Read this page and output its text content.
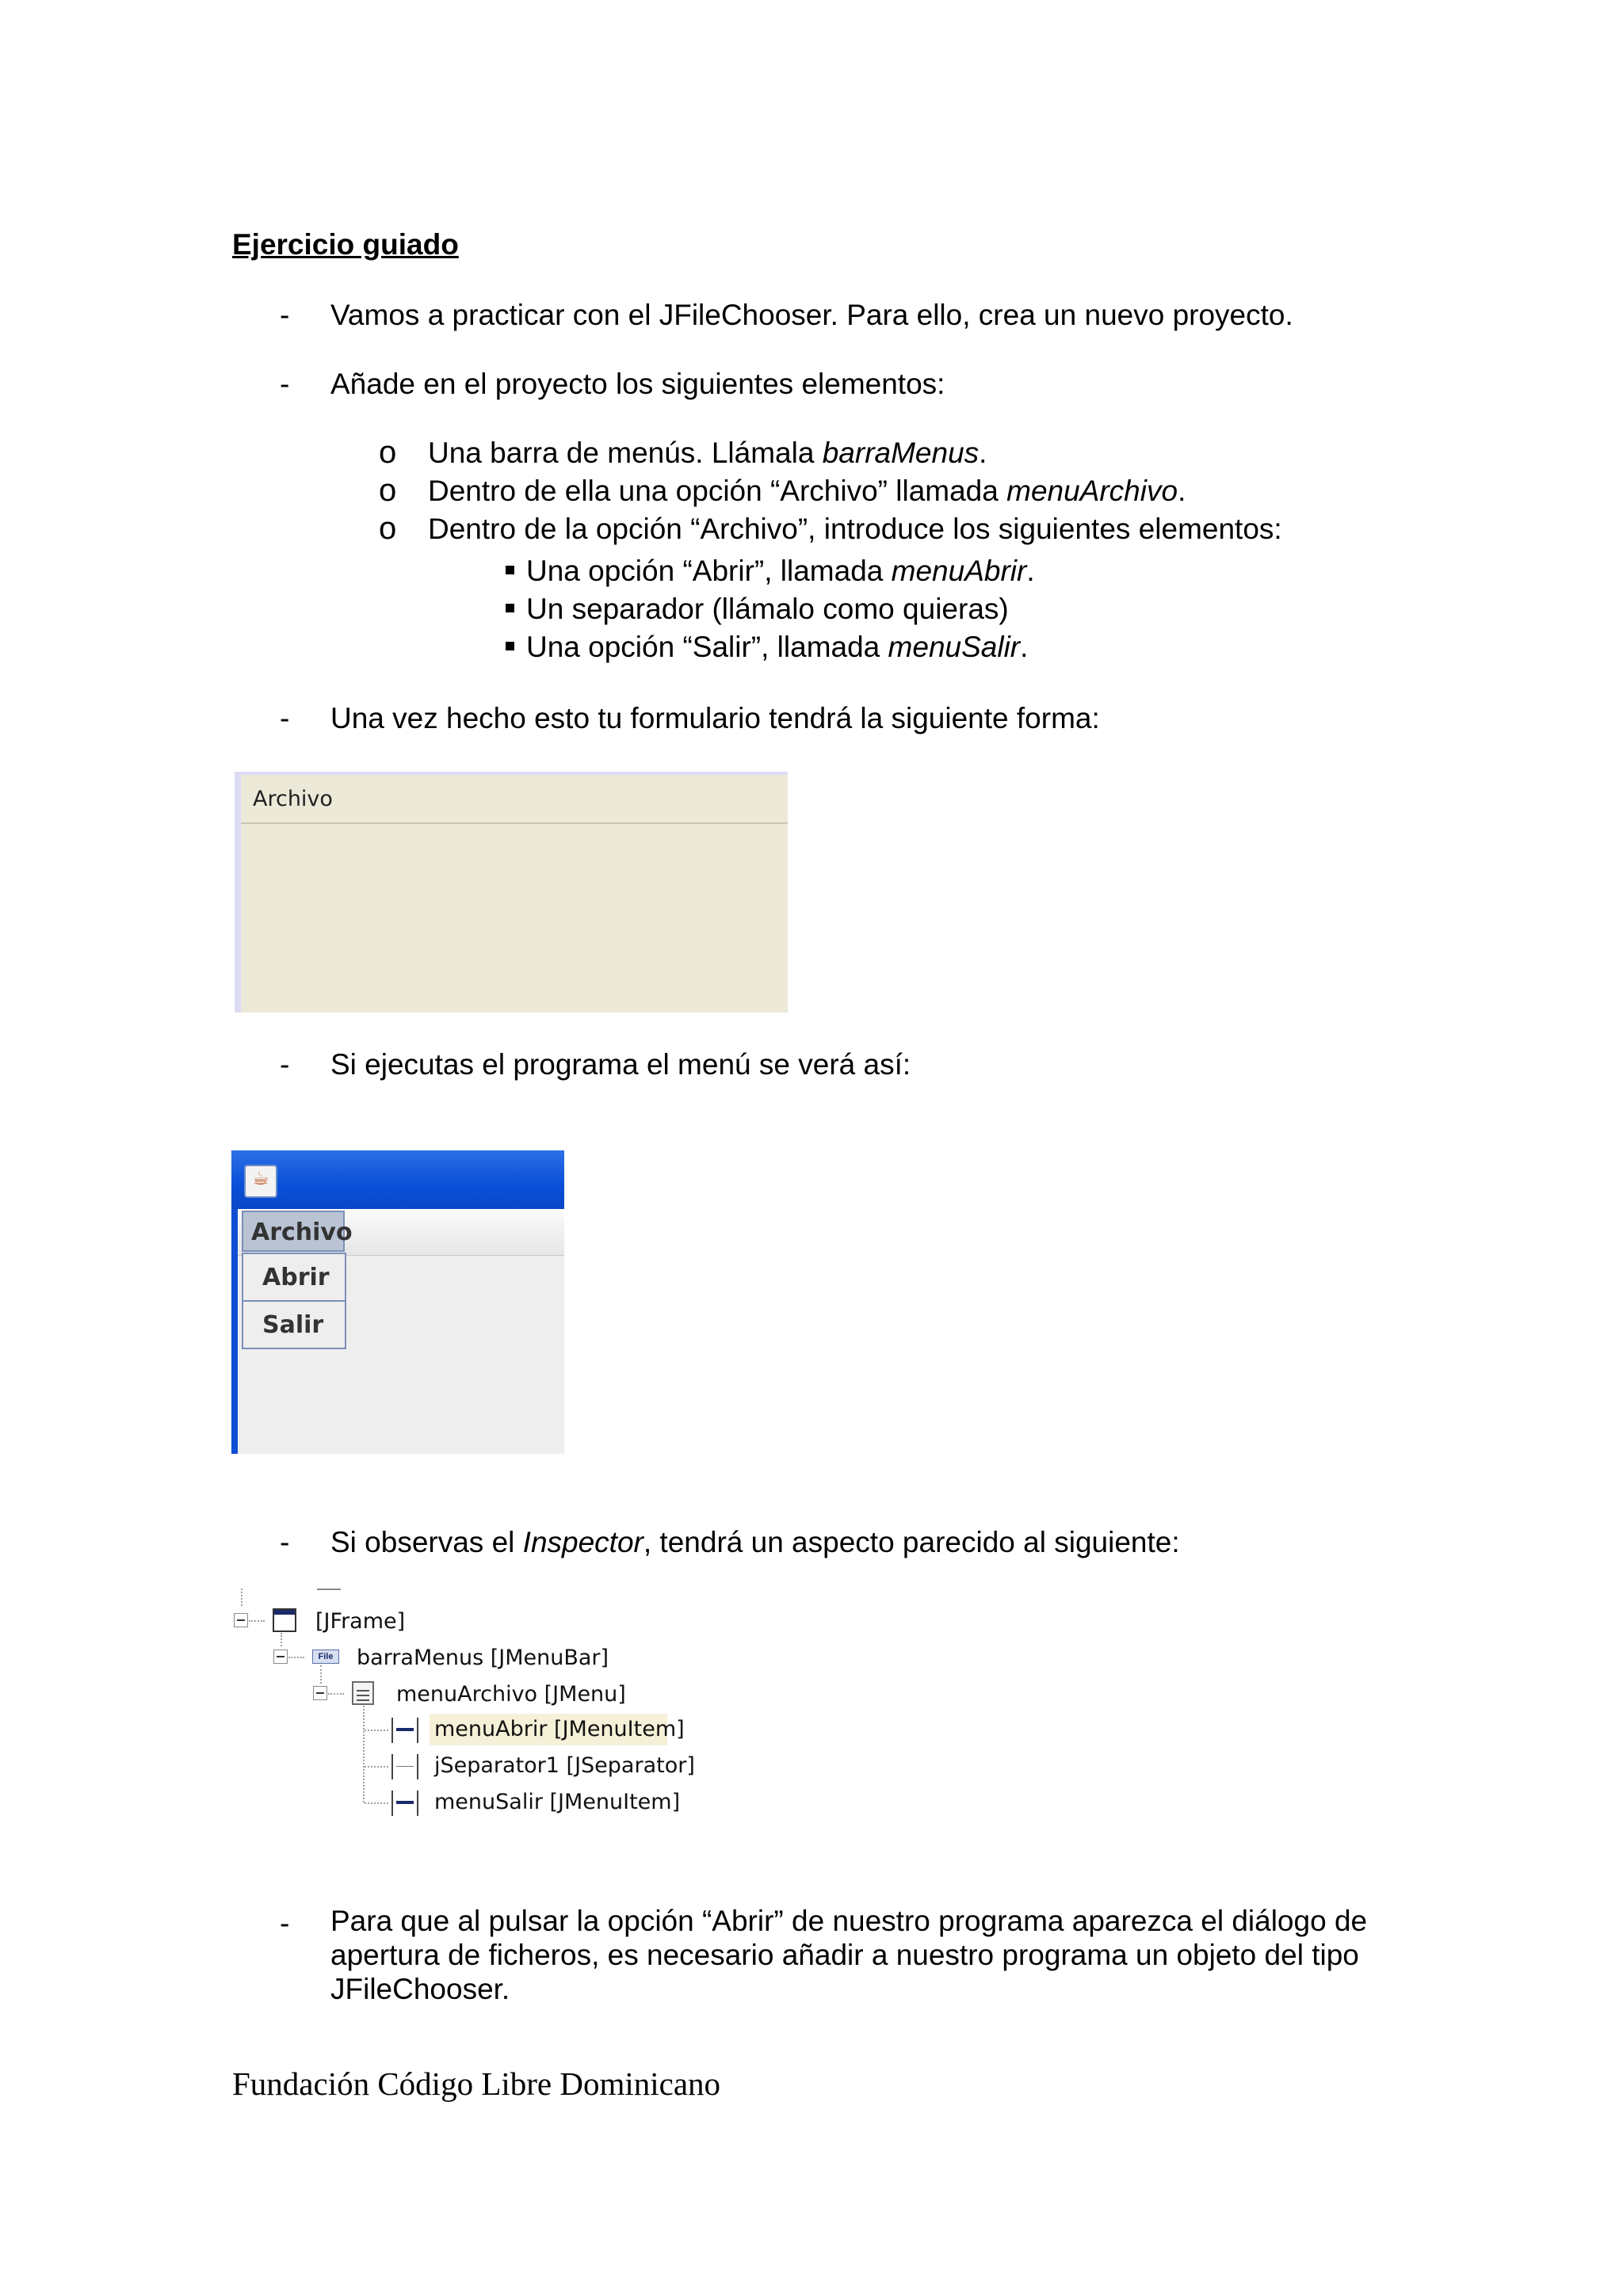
Ejercicio guiado
- Vamos a practicar con el JFileChooser. Para ello, crea un nuevo proyecto.
- Añade en el proyecto los siguientes elementos:
o Una barra de menús. Llámala barraMenus.
o Dentro de ella una opción “Archivo” llamada menuArchivo.
o Dentro de la opción “Archivo”, introduce los siguientes elementos:
Una opción “Abrir”, llamada menuAbrir.
Un separador (llámalo como quieras)
Una opción “Salir”, llamada menuSalir.
- Una vez hecho esto tu formulario tendrá la siguiente forma:
Archivo
- Si ejecutas el programa el menú se verá así:
☕
Archivo
Abrir
Salir
- Si observas el Inspector, tendrá un aspecto parecido al siguiente:
[JFrame]
File barraMenus [JMenuBar]
menuArchivo [JMenu]
menuAbrir [JMenuItem]
jSeparator1 [JSeparator]
menuSalir [JMenuItem]
- Para que al pulsar la opción “Abrir” de nuestro programa aparezca el diálogo de apertura de ficheros, es necesario añadir a nuestro programa un objeto del tipo JFileChooser.
Fundación Código Libre Dominicano
